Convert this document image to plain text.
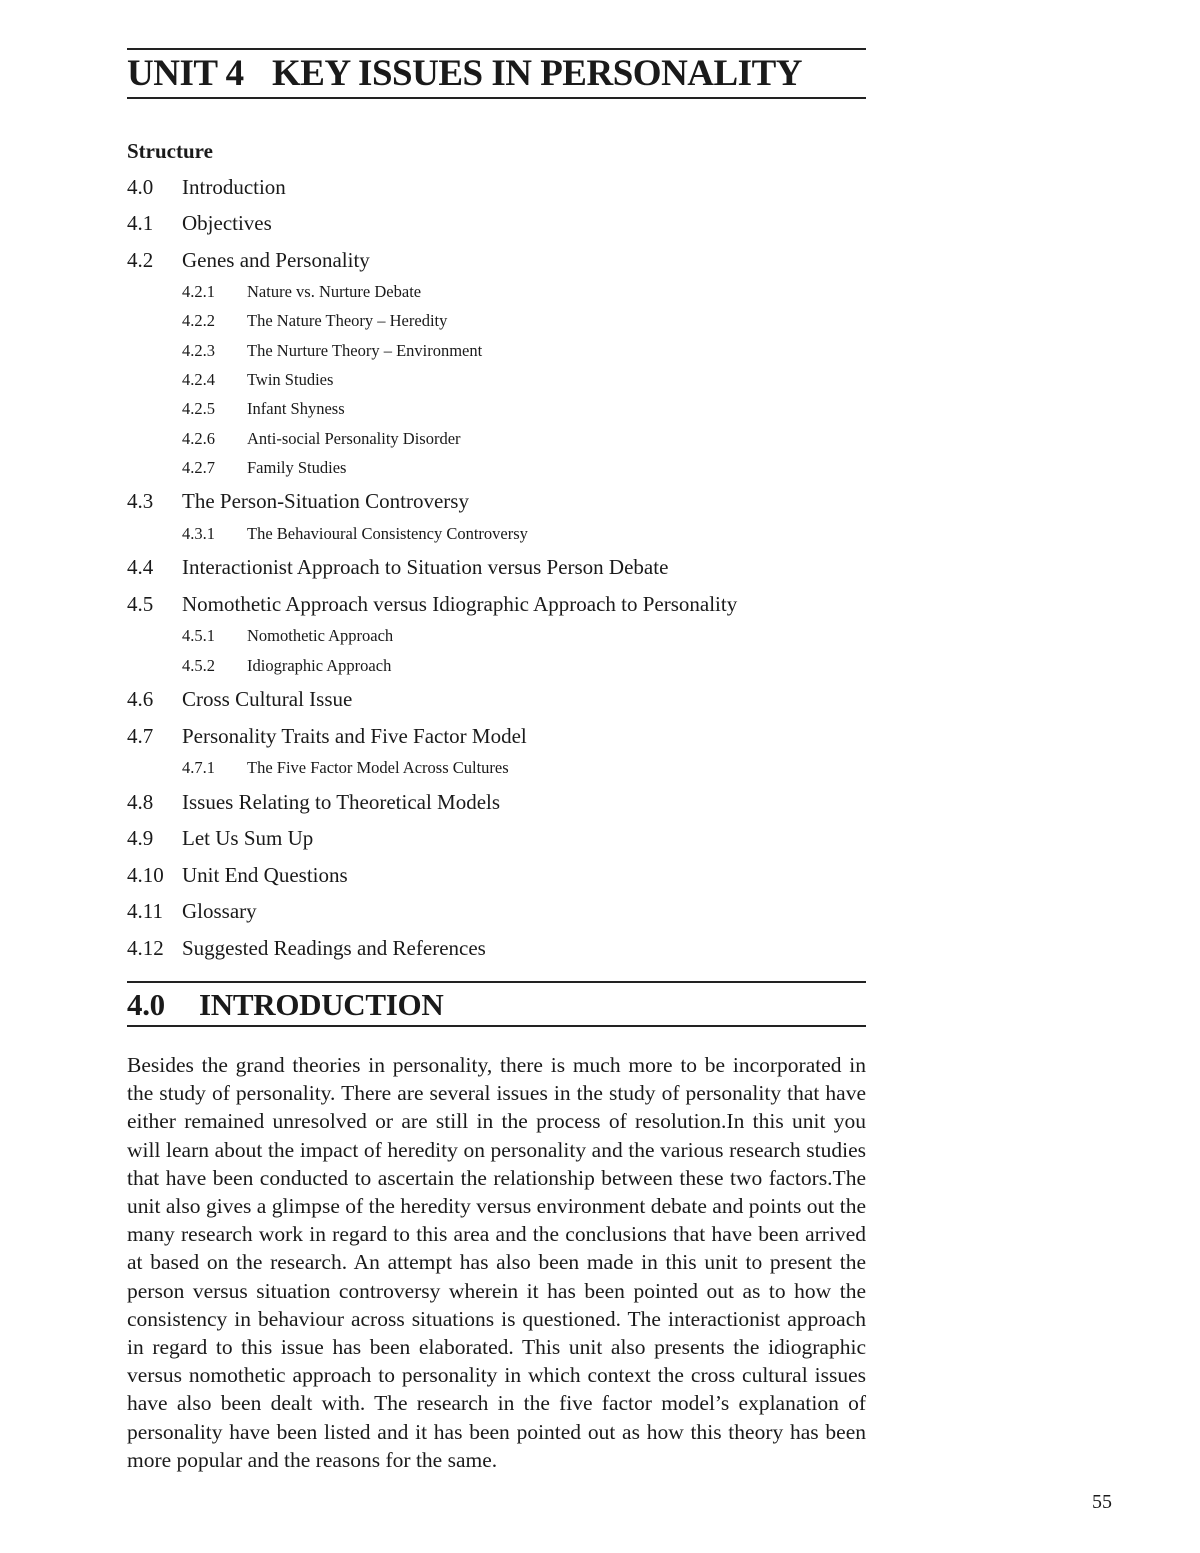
UNIT 4 KEY ISSUES IN PERSONALITY
Structure
4.0	Introduction
4.1	Objectives
4.2	Genes and Personality
4.2.1	Nature vs. Nurture Debate
4.2.2	The Nature Theory – Heredity
4.2.3	The Nurture Theory – Environment
4.2.4	Twin Studies
4.2.5	Infant Shyness
4.2.6	Anti-social Personality Disorder
4.2.7	Family Studies
4.3	The Person-Situation Controversy
4.3.1	The Behavioural Consistency Controversy
4.4	Interactionist Approach to Situation versus Person Debate
4.5	Nomothetic Approach versus Idiographic Approach to Personality
4.5.1	Nomothetic Approach
4.5.2	Idiographic Approach
4.6	Cross Cultural Issue
4.7	Personality Traits and Five Factor Model
4.7.1	The Five Factor Model Across Cultures
4.8	Issues Relating to Theoretical Models
4.9	Let Us Sum Up
4.10 Unit End Questions
4.11 Glossary
4.12 Suggested Readings and References
4.0 INTRODUCTION

Besides the grand theories in personality, there is much more to be incorporated in the study of personality. There are several issues in the study of personality that have either remained unresolved or are still in the process of resolution.In this unit you will learn about the impact of heredity on personality and the various research studies that have been conducted to ascertain the relationship between these two factors.The unit also gives a glimpse of the heredity versus environment debate and points out the many research work in regard to this area and the conclusions that have been arrived at based on the research. An attempt has also been made in this unit to present the person versus situation controversy wherein it has been pointed out as to how the consistency in behaviour across situations is questioned. The interactionist approach in regard to this issue has been elaborated. This unit also presents the idiographic versus nomothetic approach to personality in which context the cross cultural issues have also been dealt with. The research in the five factor model’s explanation of personality have been listed and it has been pointed out as how this theory has been more popular and the reasons for the same.

55
